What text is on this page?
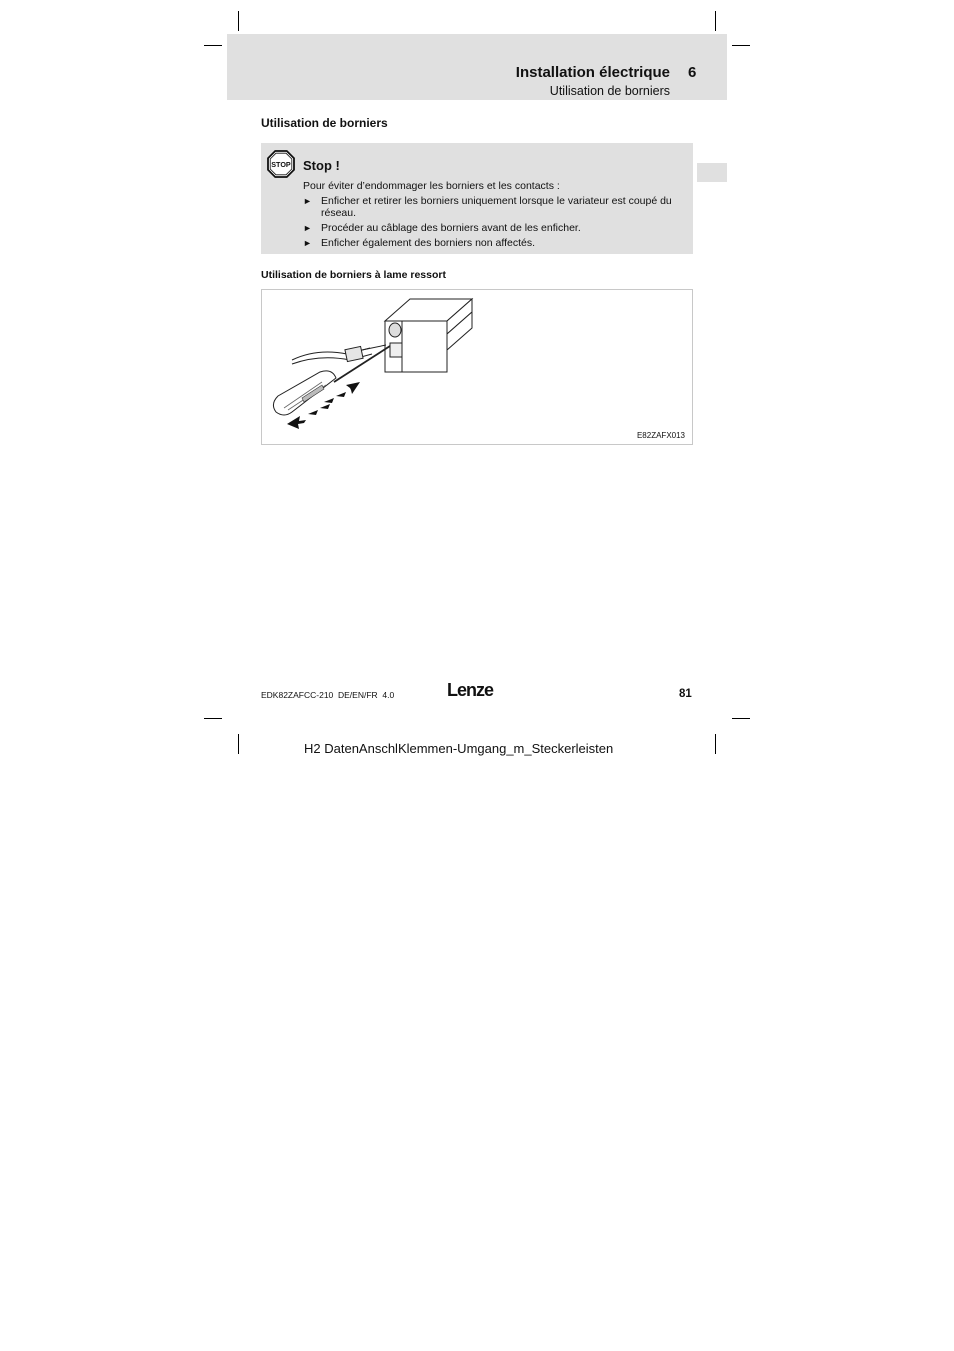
Installation électrique 6
Utilisation de borniers
Utilisation de borniers
STOP Stop !
Pour éviter d’endommager les borniers et les contacts :
► Enficher et retirer les borniers uniquement lorsque le variateur est coupé du réseau.
► Procéder au câblage des borniers avant de les enficher.
► Enficher également des borniers non affectés.
Utilisation de borniers à lame ressort
E82ZAFX013
EDK82ZAFCC-210  DE/EN/FR  4.0	Lenze	81
H2 DatenAnschlKlemmen-Umgang_m_Steckerleisten
